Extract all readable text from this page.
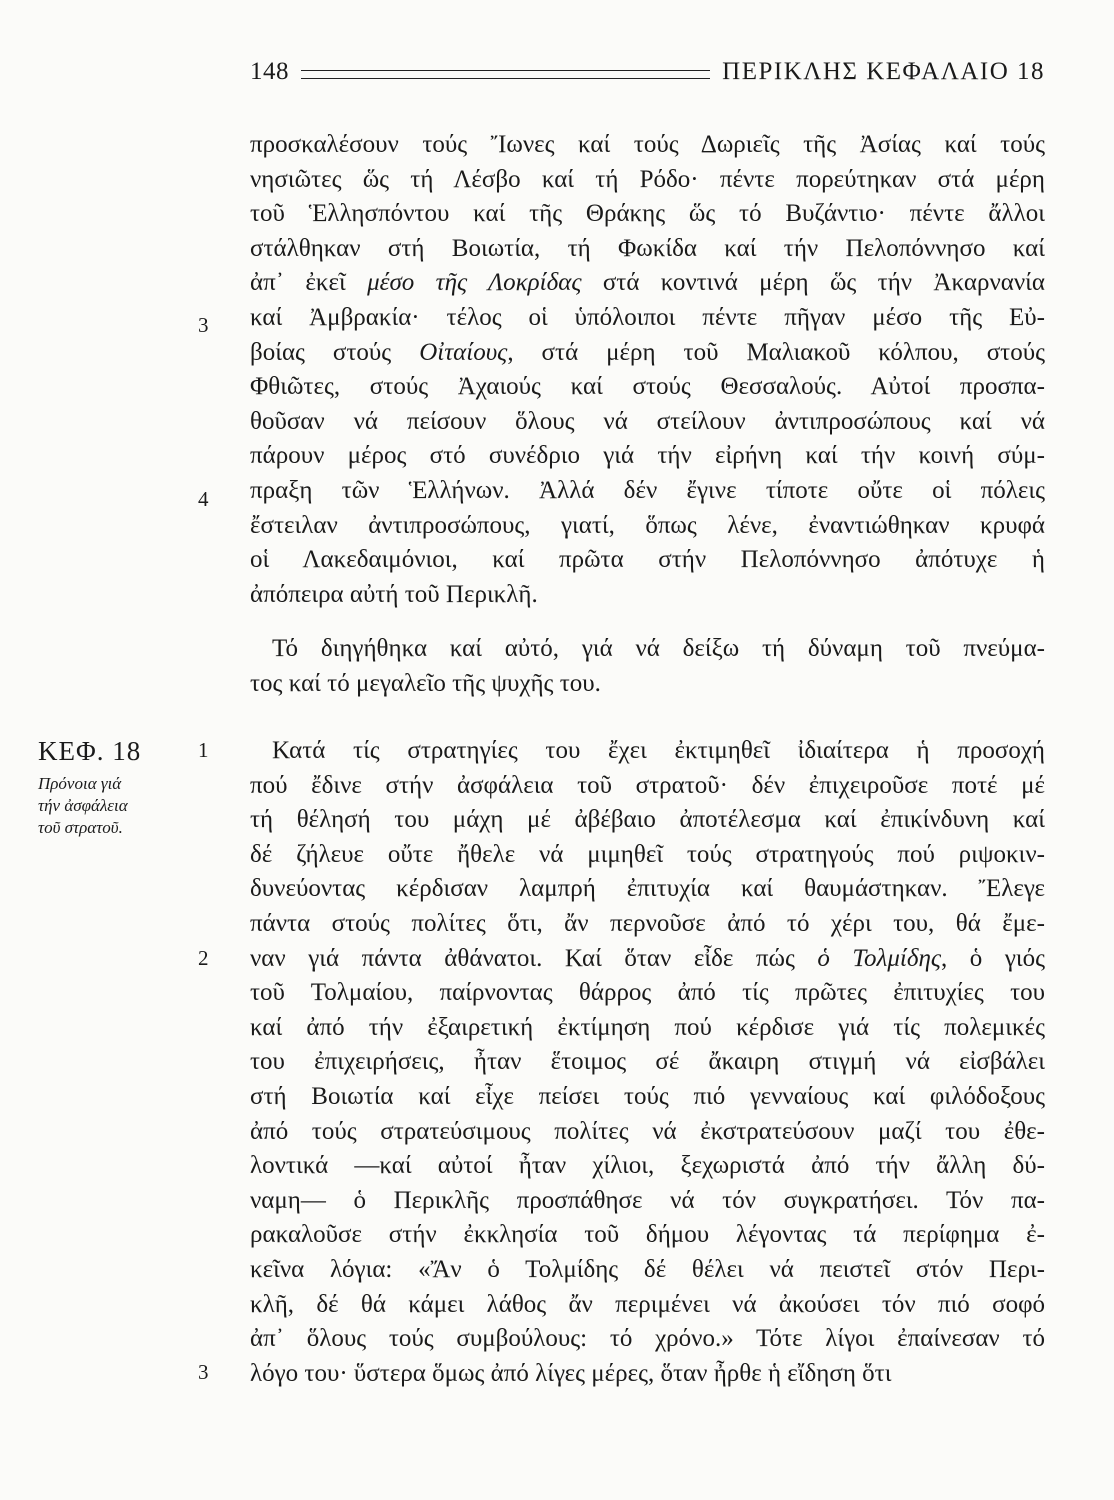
148	ΠΕΡΙΚΛΗΣ ΚΕΦΑΛΑΙΟ 18
ΚΕΦ. 18
Πρόνοια γιά
τήν ἀσφάλεια
τοῦ στρατοῦ.
3
4
1
2
3
προσκαλέσουν τούς Ἴωνες καί τούς Δωριεῖς τῆς Ἀσίας καί τούς
νησιῶτες ὥς τή Λέσβο καί τή Ρόδο· πέντε πορεύτηκαν στά μέρη
τοῦ Ἑλλησπόντου καί τῆς Θράκης ὥς τό Βυζάντιο· πέντε ἄλλοι
στάλθηκαν στή Βοιωτία, τή Φωκίδα καί τήν Πελοπόννησο καί
ἀπ᾽ ἐκεῖ μέσο τῆς Λοκρίδας στά κοντινά μέρη ὥς τήν Ἀκαρνανία
καί Ἀμβρακία· τέλος οἱ ὑπόλοιποι πέντε πῆγαν μέσο τῆς Εὐ-
βοίας στούς Οἰταίους, στά μέρη τοῦ Μαλιακοῦ κόλπου, στούς
Φθιῶτες, στούς Ἀχαιούς καί στούς Θεσσαλούς. Αὐτοί προσπα-
θοῦσαν νά πείσουν ὅλους νά στείλουν ἀντιπροσώπους καί νά
πάρουν μέρος στό συνέδριο γιά τήν εἰρήνη καί τήν κοινή σύμ-
πραξη τῶν Ἑλλήνων. Ἀλλά δέν ἔγινε τίποτε οὔτε οἱ πόλεις
ἔστειλαν ἀντιπροσώπους, γιατί, ὅπως λένε, ἐναντιώθηκαν κρυφά
οἱ Λακεδαιμόνιοι, καί πρῶτα στήν Πελοπόννησο ἀπότυχε ἡ
ἀπόπειρα αὐτή τοῦ Περικλῆ.
Τό διηγήθηκα καί αὐτό, γιά νά δείξω τή δύναμη τοῦ πνεύμα-
τος καί τό μεγαλεῖο τῆς ψυχῆς του.
Κατά τίς στρατηγίες του ἔχει ἐκτιμηθεῖ ἰδιαίτερα ἡ προσοχή
πού ἔδινε στήν ἀσφάλεια τοῦ στρατοῦ· δέν ἐπιχειροῦσε ποτέ μέ
τή θέλησή του μάχη μέ ἀβέβαιο ἀποτέλεσμα καί ἐπικίνδυνη καί
δέ ζήλευε οὔτε ἤθελε νά μιμηθεῖ τούς στρατηγούς πού ριψοκιν-
δυνεύοντας κέρδισαν λαμπρή ἐπιτυχία καί θαυμάστηκαν. Ἔλεγε
πάντα στούς πολίτες ὅτι, ἄν περνοῦσε ἀπό τό χέρι του, θά ἔμε-
ναν γιά πάντα ἀθάνατοι. Καί ὅταν εἶδε πώς ὁ Τολμίδης, ὁ γιός
τοῦ Τολμαίου, παίρνοντας θάρρος ἀπό τίς πρῶτες ἐπιτυχίες του
καί ἀπό τήν ἐξαιρετική ἐκτίμηση πού κέρδισε γιά τίς πολεμικές
του ἐπιχειρήσεις, ἦταν ἕτοιμος σέ ἄκαιρη στιγμή νά εἰσβάλει
στή Βοιωτία καί εἶχε πείσει τούς πιό γενναίους καί φιλόδοξους
ἀπό τούς στρατεύσιμους πολίτες νά ἐκστρατεύσουν μαζί του ἐθε-
λοντικά —καί αὐτοί ἦταν χίλιοι, ξεχωριστά ἀπό τήν ἄλλη δύ-
ναμη— ὁ Περικλῆς προσπάθησε νά τόν συγκρατήσει. Τόν πα-
ρακαλοῦσε στήν ἐκκλησία τοῦ δήμου λέγοντας τά περίφημα ἐ-
κεῖνα λόγια: «Ἄν ὁ Τολμίδης δέ θέλει νά πειστεῖ στόν Περι-
κλῆ, δέ θά κάμει λάθος ἄν περιμένει νά ἀκούσει τόν πιό σοφό
ἀπ᾽ ὅλους τούς συμβούλους: τό χρόνο.» Τότε λίγοι ἐπαίνεσαν τό
λόγο του· ὕστερα ὅμως ἀπό λίγες μέρες, ὅταν ἦρθε ἡ εἴδηση ὅτι
